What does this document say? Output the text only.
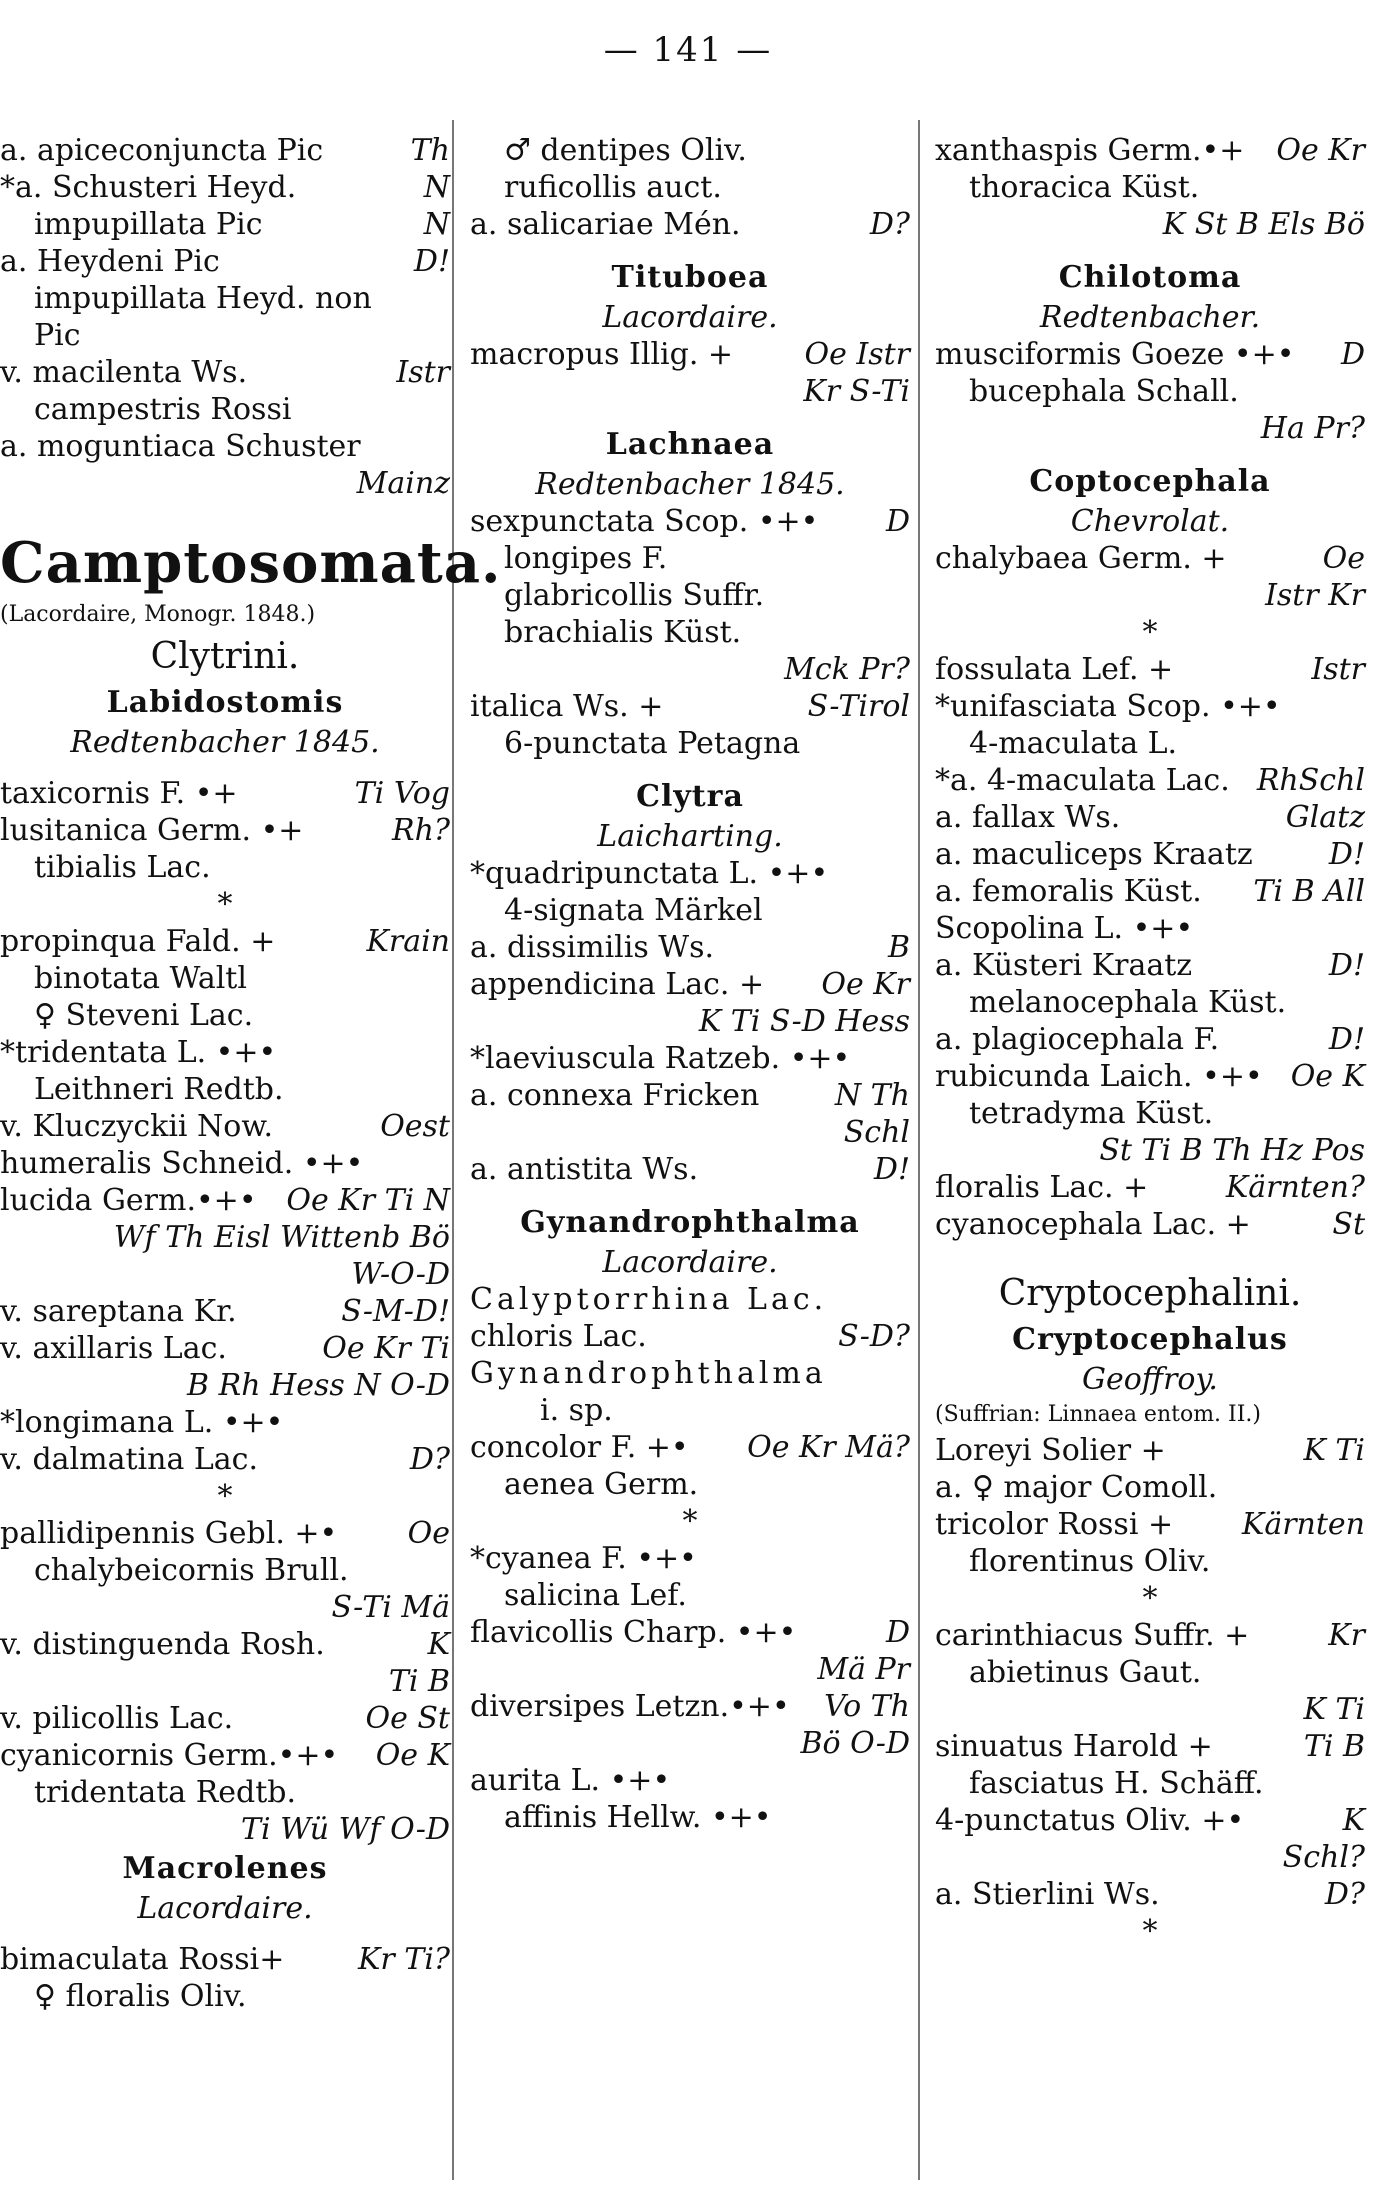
— 141 —
a. apiceconjuncta Pic	Th
*a. Schusteri Heyd.	N
impupillata Pic	N
a. Heydeni Pic	D!
impupillata Heyd. non
Pic
v. macilenta Ws.	Istr
campestris Rossi
a. moguntiaca Schuster
Mainz
Camptosomata.
(Lacordaire, Monogr. 1848.)
Clytrini.
Labidostomis
Redtenbacher 1845.
taxicornis F. •+	Ti Vog
lusitanica Germ. •+	Rh?
tibialis Lac.
*
propinqua Fald. +	Krain
binotata Waltl
♀ Steveni Lac.
*tridentata L. •+•
Leithneri Redtb.
v. Kluczyckii Now.	Oest
humeralis Schneid. •+•
lucida Germ.•+• Oe Kr Ti N
Wf Th Eisl Wittenb Bö
W-O-D
v. sareptana Kr.	S-M-D!
v. axillaris Lac.	Oe Kr Ti
B Rh Hess N O-D
*longimana L. •+•
v. dalmatina Lac.	D?
*
pallidipennis Gebl. +• Oe
chalybeicornis Brull.
S-Ti Mä
v. distinguenda Rosh.	K
Ti B
v. pilicollis Lac.	Oe St
cyanicornis Germ.•+• Oe K
tridentata Redtb.
Ti Wü Wf O-D
Macrolenes
Lacordaire.
bimaculata Rossi+ Kr Ti?
♀ floralis Oliv.
♂ dentipes Oliv.
ruficollis auct.
a. salicariae Mén.	D?
Tituboea
Lacordaire.
macropus Illig. + Oe Istr
Kr S-Ti
Lachnaea
Redtenbacher 1845.
sexpunctata Scop. •+• D
longipes F.
glabricollis Suffr.
brachialis Küst.
Mck Pr?
italica Ws. +	S-Tirol
6-punctata Petagna
Clytra
Laicharting.
*quadripunctata L. •+•
4-signata Märkel
a. dissimilis Ws.	B
appendicina Lac. + Oe Kr
K Ti S-D Hess
*laeviuscula Ratzeb. •+•
a. connexa Fricken	N Th
Schl
a. antistita Ws.	D!
Gynandrophthalma
Lacordaire.
Calyptorrhina Lac.
chloris Lac.	S-D?
Gynandrophthalma
i. sp.
concolor F. +• Oe Kr Mä?
aenea Germ.
*
*cyanea F. •+•
salicina Lef.
flavicollis Charp. •+•	D
Mä Pr
diversipes Letzn.•+• Vo Th
Bö O-D
aurita L. •+•
affinis Hellw. •+•
xanthaspis Germ.•+ Oe Kr
thoracica Küst.
K St B Els Bö
Chilotoma
Redtenbacher.
musciformis Goeze •+• D
bucephala Schall.
Ha Pr?
Coptocephala
Chevrolat.
chalybaea Germ. +	Oe
Istr Kr
*
fossulata Lef. +	Istr
*unifasciata Scop. •+•
4-maculata L.
*a. 4-maculata Lac. RhSchl
a. fallax Ws.	Glatz
a. maculiceps Kraatz	D!
a. femoralis Küst. Ti B All
Scopolina L. •+•
a. Küsteri Kraatz	D!
melanocephala Küst.
a. plagiocephala F.	D!
rubicunda Laich. •+• Oe K
tetradyma Küst.
St Ti B Th Hz Pos
floralis Lac. +	Kärnten?
cyanocephala Lac. +	St
Cryptocephalini.
Cryptocephalus
Geoffroy.
(Suffrian: Linnaea entom. II.)
Loreyi Solier +	K Ti
a. ♀ major Comoll.
tricolor Rossi + Kärnten
florentinus Oliv.
*
carinthiacus Suffr. +	Kr
abietinus Gaut.
K Ti
sinuatus Harold +	Ti B
fasciatus H. Schäff.
4-punctatus Oliv. +•	K
Schl?
a. Stierlini Ws.	D?
*
